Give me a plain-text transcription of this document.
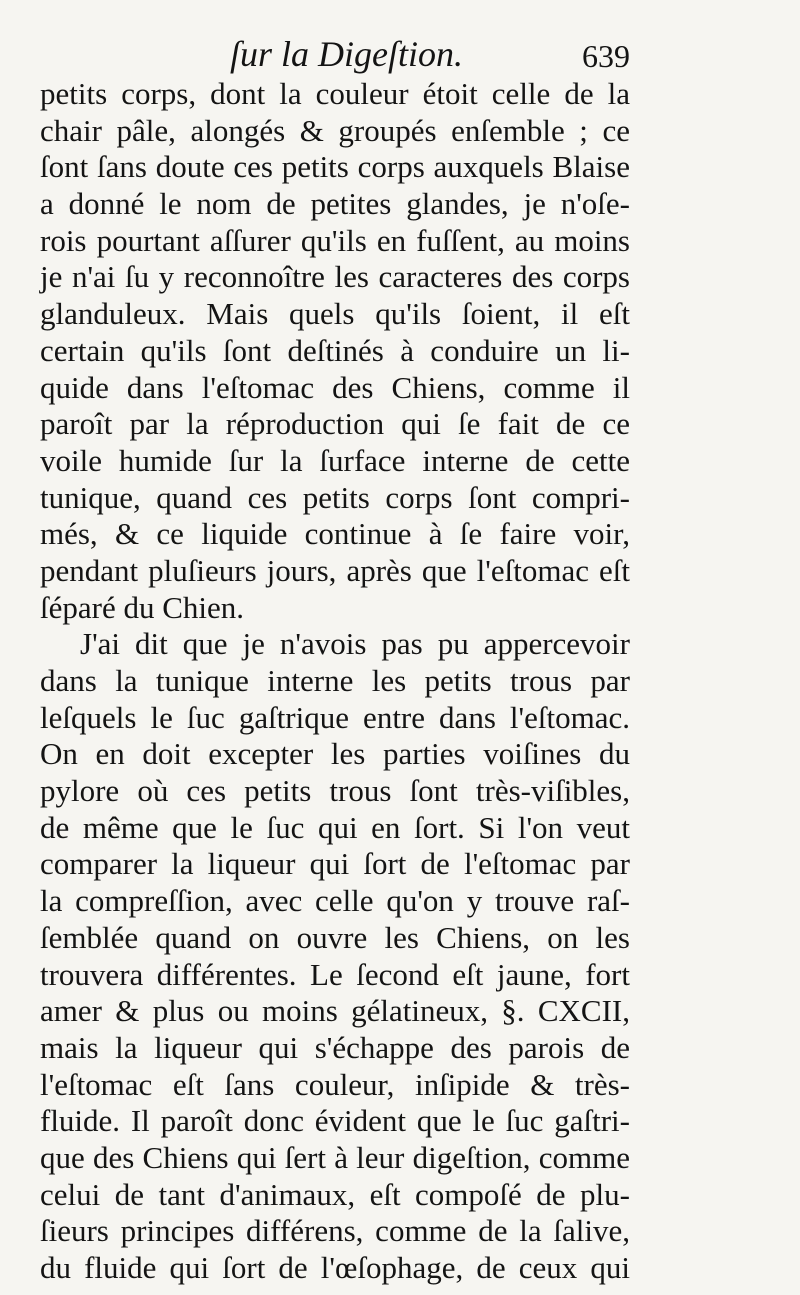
ſur la Digeſtion.	639
petits corps, dont la couleur étoit celle de la
chair pâle, alongés & groupés enſemble ; ce
ſont ſans doute ces petits corps auxquels Blaise
a donné le nom de petites glandes, je n'oſe-
rois pourtant aſſurer qu'ils en fuſſent, au moins
je n'ai ſu y reconnoître les caracteres des corps
glanduleux. Mais quels qu'ils ſoient, il eſt
certain qu'ils ſont deſtinés à conduire un li-
quide dans l'eſtomac des Chiens, comme il
paroît par la réproduction qui ſe fait de ce
voile humide ſur la ſurface interne de cette
tunique, quand ces petits corps ſont compri-
més, & ce liquide continue à ſe faire voir,
pendant pluſieurs jours, après que l'eſtomac eſt
ſéparé du Chien.
J'ai dit que je n'avois pas pu appercevoir
dans la tunique interne les petits trous par
leſquels le ſuc gaſtrique entre dans l'eſtomac.
On en doit excepter les parties voiſines du
pylore où ces petits trous ſont très-viſibles,
de même que le ſuc qui en ſort. Si l'on veut
comparer la liqueur qui ſort de l'eſtomac par
la compreſſion, avec celle qu'on y trouve raſ-
ſemblée quand on ouvre les Chiens, on les
trouvera différentes. Le ſecond eſt jaune, fort
amer & plus ou moins gélatineux, §. CXCII,
mais la liqueur qui s'échappe des parois de
l'eſtomac eſt ſans couleur, inſipide & très-
fluide. Il paroît donc évident que le ſuc gaſtri-
que des Chiens qui ſert à leur digeſtion, comme
celui de tant d'animaux, eſt compoſé de plu-
ſieurs principes différens, comme de la ſalive,
du fluide qui ſort de l'œſophage, de ceux qui
